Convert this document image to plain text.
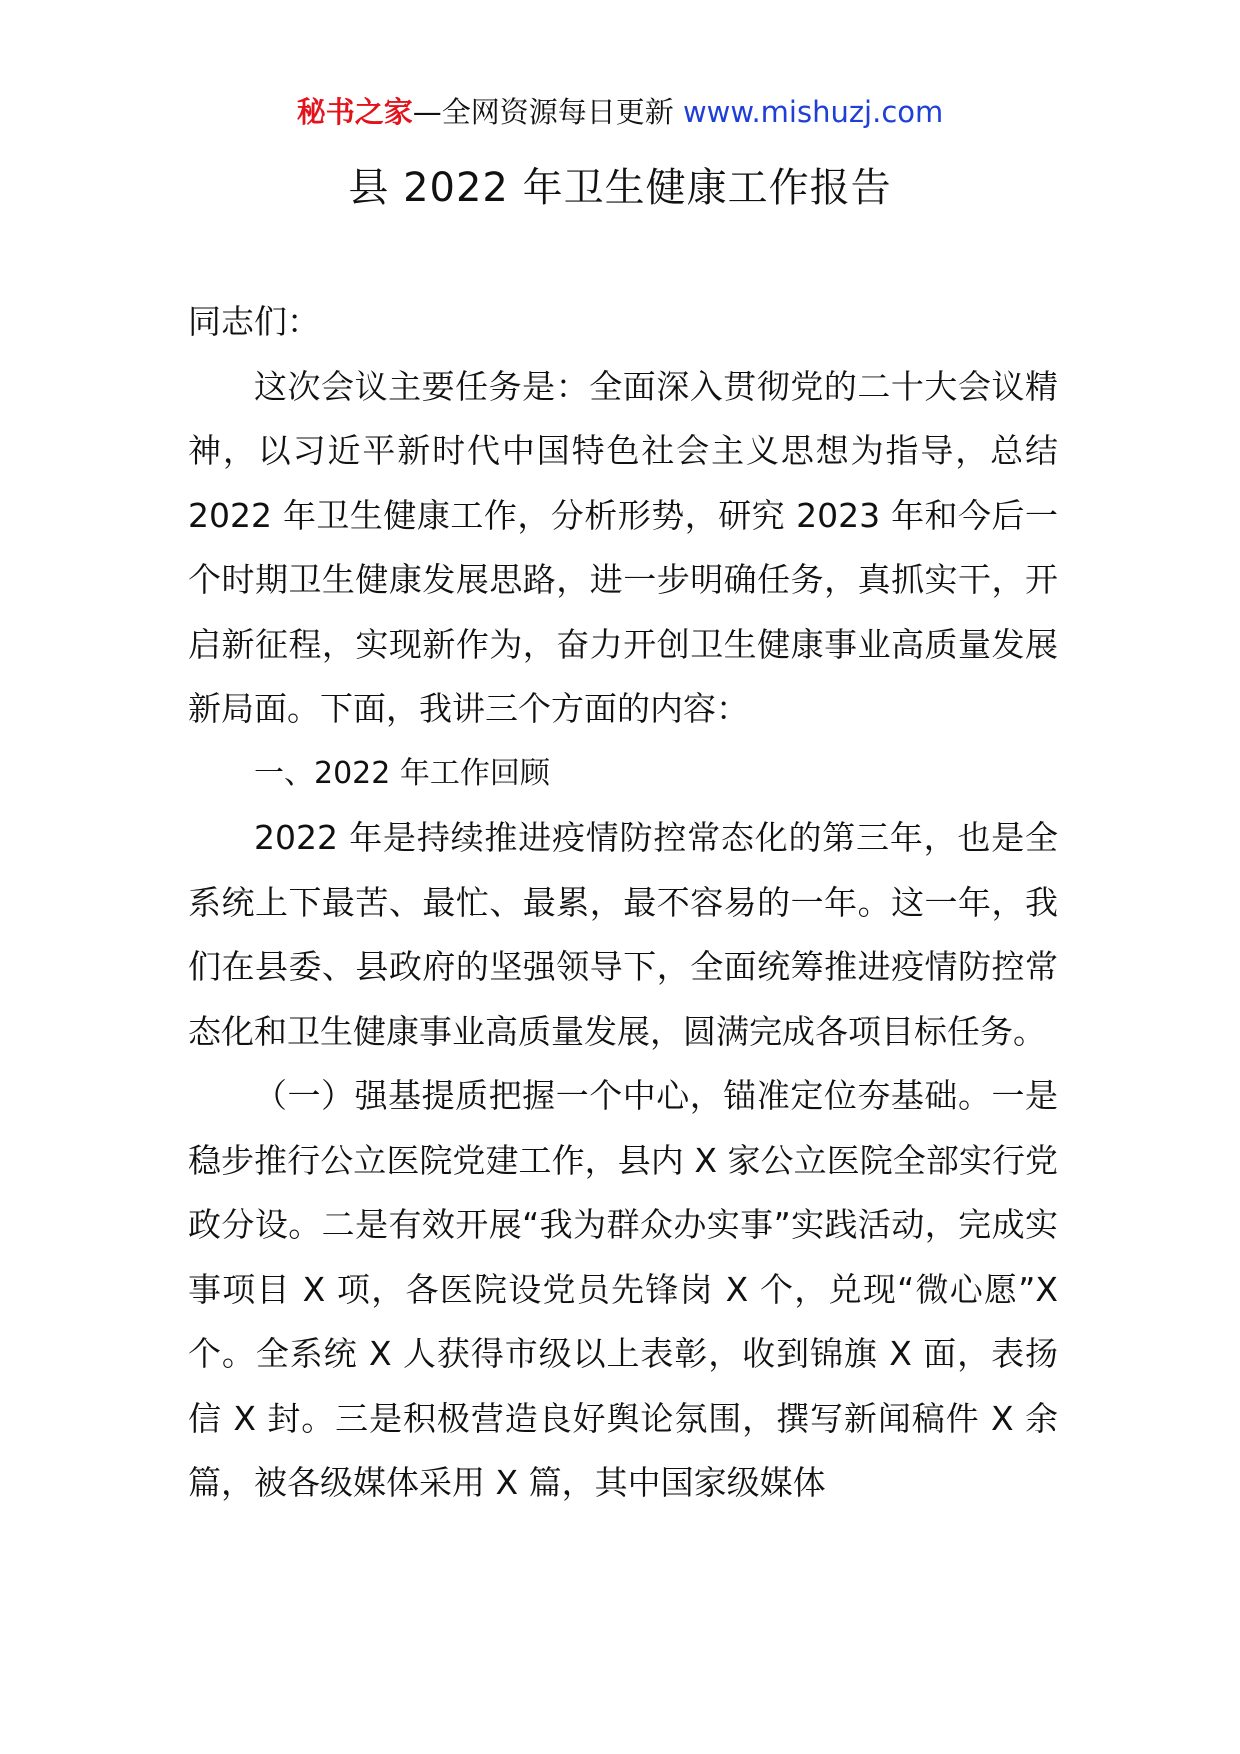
秘书之家—全网资源每日更新 www.mishuzj.com
县 2022 年卫生健康工作报告

同志们：

这次会议主要任务是：全面深入贯彻党的二十大会议精神，以习近平新时代中国特色社会主义思想为指导，总结 2022 年卫生健康工作，分析形势，研究 2023 年和今后一个时期卫生健康发展思路，进一步明确任务，真抓实干，开启新征程，实现新作为，奋力开创卫生健康事业高质量发展新局面。下面，我讲三个方面的内容：

一、2022 年工作回顾

2022 年是持续推进疫情防控常态化的第三年，也是全系统上下最苦、最忙、最累，最不容易的一年。这一年，我们在县委、县政府的坚强领导下，全面统筹推进疫情防控常态化和卫生健康事业高质量发展，圆满完成各项目标任务。

（一）强基提质把握一个中心，锚准定位夯基础。一是稳步推行公立医院党建工作，县内 X 家公立医院全部实行党政分设。二是有效开展“我为群众办实事”实践活动，完成实事项目 X 项，各医院设党员先锋岗 X 个，兑现“微心愿”X 个。全系统 X 人获得市级以上表彰，收到锦旗 X 面，表扬信 X 封。三是积极营造良好舆论氛围，撰写新闻稿件 X 余篇，被各级媒体采用 X 篇，其中国家级媒体
